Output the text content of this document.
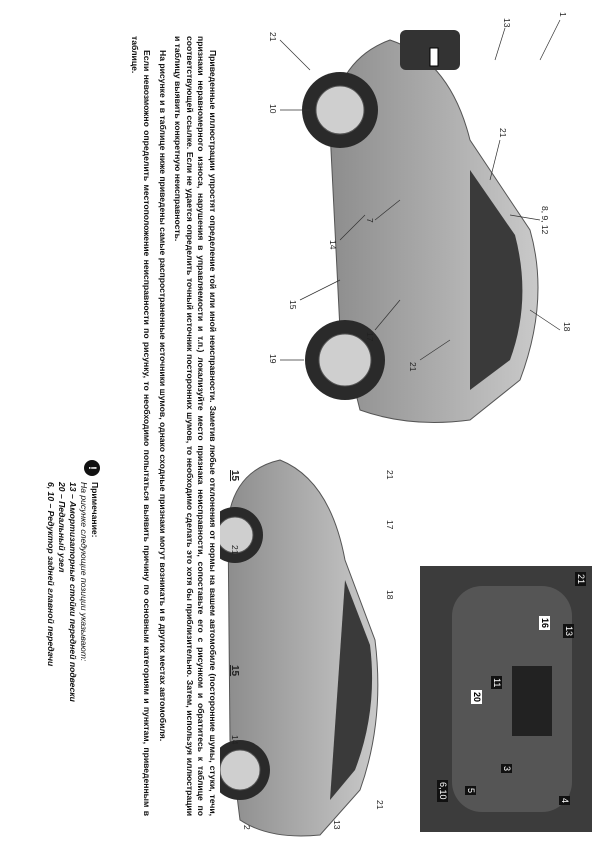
1
13
21
8, 9, 12
18
21
17
7
14
15
21
10
19

Приведенные иллюстрации упростят определение той или иной неисправности. Заметив любые отклонения от нормы на вашем автомобиле (посторонние шумы, стуки, течи, признаки неравномерного износа, нарушения в управляемости и т.п.) локализуйте место признака неисправности, сопоставьте его с рисунком и обратитесь к таблице по соответствующей ссылке. Если не удается определить точный источник посторонних шумов, то необходимо сделать это хотя бы приблизительно. Затем, используя иллюстрации и таблицу выявить конкретную неисправность.

На рисунке и в таблице ниже приведены самые распространенные источники шумов, однако сходные признаки могут возникать и в других местах автомобиля.

Если невозможно определить местоположение неисправности по рисунку, то необходимо попытаться выявить причину по основным категориям и пунктам, приведенным в таблице.

!
Примечание:
На рисунке следующие позиции указывают:
13 – Амортизаторные стойки передней подвески
20 – Педальный узел
6, 10 – Редуктор задней главной передачи	21
13
16
4
3
11
20
5
6,10
21
17
18
21
13
2
14
15
15
21
